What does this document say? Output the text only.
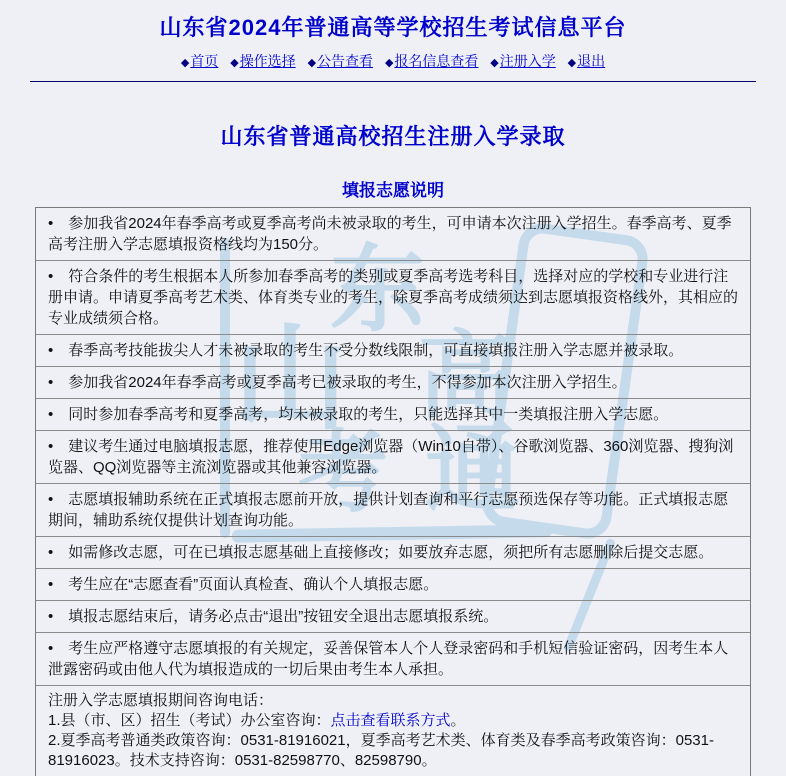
山
东
高
考 通
山东省2024年普通高等学校招生考试信息平台
◆首页 ◆操作选择 ◆公告查看 ◆报名信息查看 ◆注册入学 ◆退出
山东省普通高校招生注册入学录取
填报志愿说明
• 参加我省2024年春季高考或夏季高考尚未被录取的考生，可申请本次注册入学招生。春季高考、夏季高考注册入学志愿填报资格线均为150分。
• 符合条件的考生根据本人所参加春季高考的类别或夏季高考选考科目，选择对应的学校和专业进行注册申请。申请夏季高考艺术类、体育类专业的考生，除夏季高考成绩须达到志愿填报资格线外，其相应的专业成绩须合格。
• 春季高考技能拔尖人才未被录取的考生不受分数线限制，可直接填报注册入学志愿并被录取。
• 参加我省2024年春季高考或夏季高考已被录取的考生，不得参加本次注册入学招生。
• 同时参加春季高考和夏季高考，均未被录取的考生，只能选择其中一类填报注册入学志愿。
• 建议考生通过电脑填报志愿，推荐使用Edge浏览器（Win10自带）、谷歌浏览器、360浏览器、搜狗浏览器、QQ浏览器等主流浏览器或其他兼容浏览器。
• 志愿填报辅助系统在正式填报志愿前开放，提供计划查询和平行志愿预选保存等功能。正式填报志愿期间，辅助系统仅提供计划查询功能。
• 如需修改志愿，可在已填报志愿基础上直接修改；如要放弃志愿，须把所有志愿删除后提交志愿。
• 考生应在“志愿查看”页面认真检查、确认个人填报志愿。
• 填报志愿结束后，请务必点击“退出”按钮安全退出志愿填报系统。
• 考生应严格遵守志愿填报的有关规定，妥善保管本人个人登录密码和手机短信验证密码，因考生本人泄露密码或由他人代为填报造成的一切后果由考生本人承担。

注册入学志愿填报期间咨询电话：

1.县（市、区）招生（考试）办公室咨询：点击查看联系方式。

2.夏季高考普通类政策咨询：0531-81916021，夏季高考艺术类、体育类及春季高考政策咨询：0531-81916023。技术支持咨询：0531-82598770、82598790。
